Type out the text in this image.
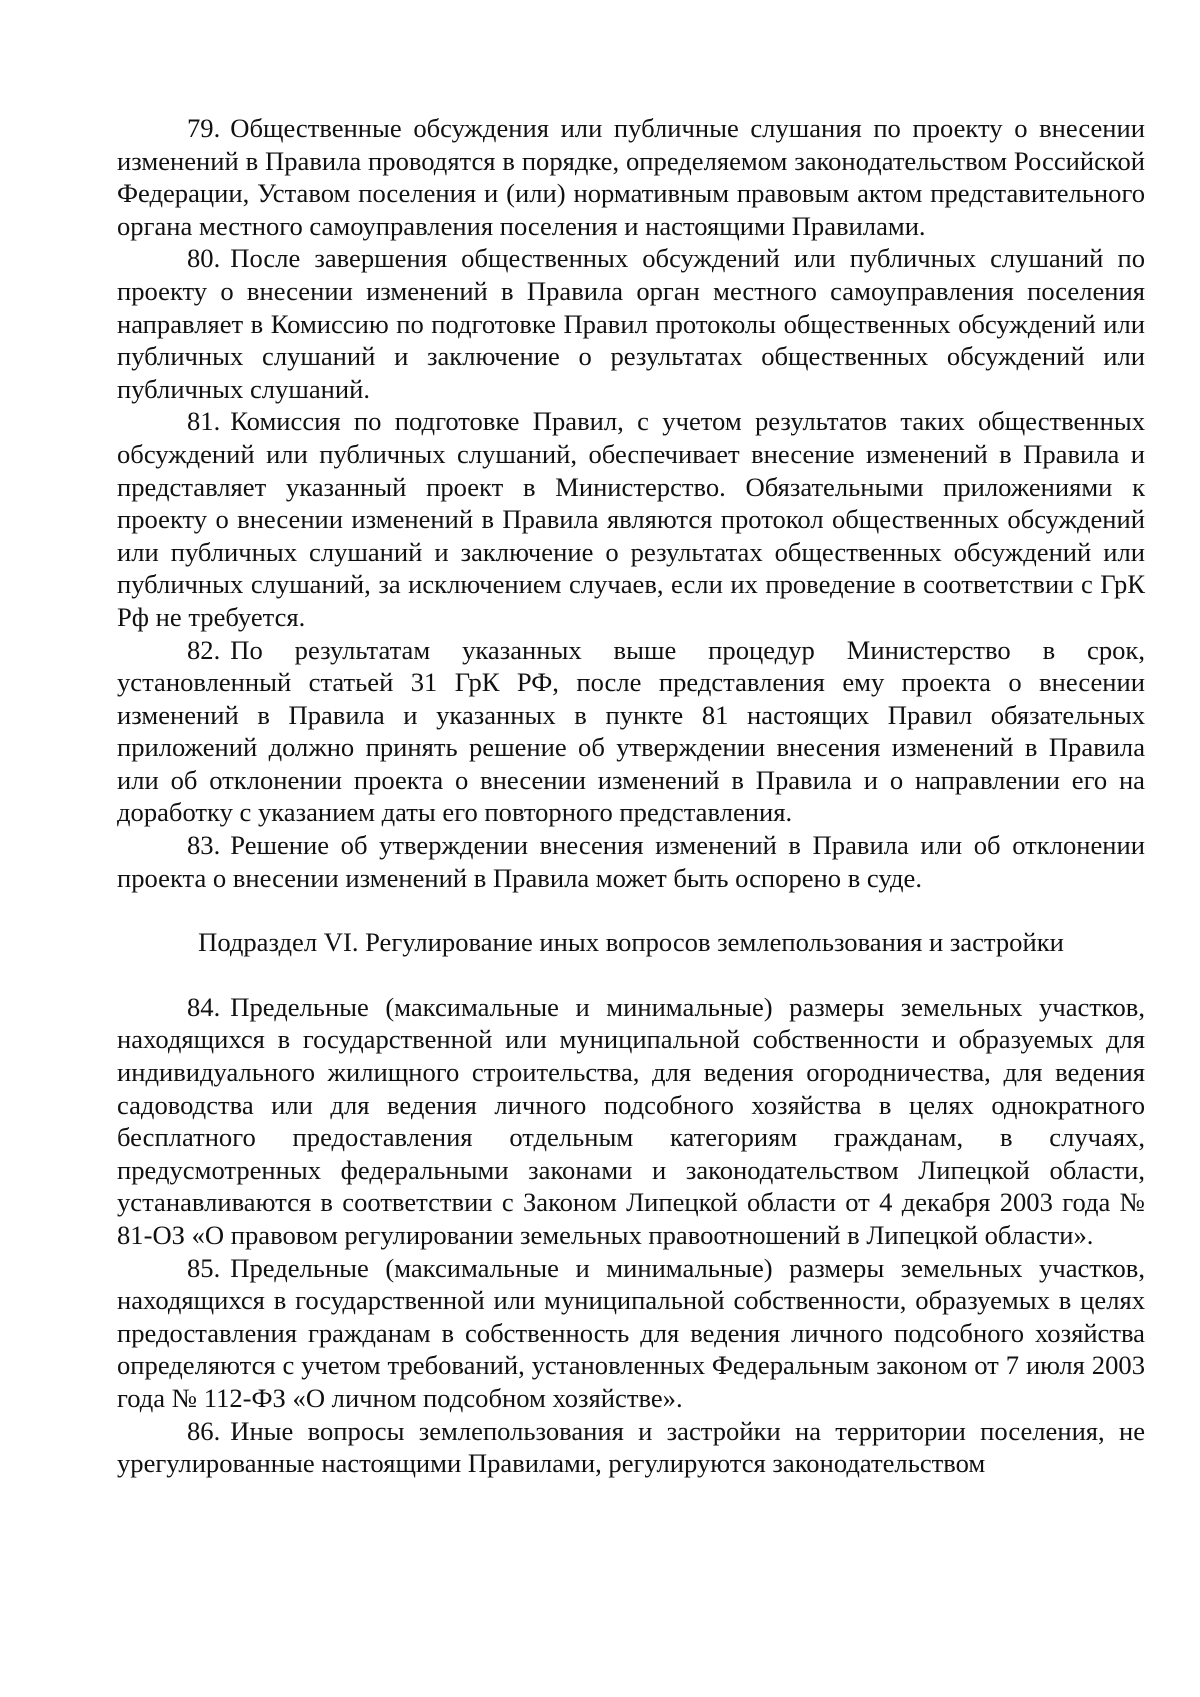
79. Общественные обсуждения или публичные слушания по проекту о внесении изменений в Правила проводятся в порядке, определяемом законодательством Российской Федерации, Уставом поселения и (или) нормативным правовым актом представительного органа местного самоуправления поселения и настоящими Правилами.

80. После завершения общественных обсуждений или публичных слушаний по проекту о внесении изменений в Правила орган местного самоуправления поселения направляет в Комиссию по подготовке Правил протоколы общественных обсуждений или публичных слушаний и заключение о результатах общественных обсуждений или публичных слушаний.

81. Комиссия по подготовке Правил, с учетом результатов таких общественных обсуждений или публичных слушаний, обеспечивает внесение изменений в Правила и представляет указанный проект в Министерство. Обязательными приложениями к проекту о внесении изменений в Правила являются протокол общественных обсуждений или публичных слушаний и заключение о результатах общественных обсуждений или публичных слушаний, за исключением случаев, если их проведение в соответствии с ГрК Рф не требуется.

82. По результатам указанных выше процедур Министерство в срок, установленный статьей 31 ГрК РФ, после представления ему проекта о внесении изменений в Правила и указанных в пункте 81 настоящих Правил обязательных приложений должно принять решение об утверждении внесения изменений в Правила или об отклонении проекта о внесении изменений в Правила и о направлении его на доработку с указанием даты его повторного представления.

83. Решение об утверждении внесения изменений в Правила или об отклонении проекта о внесении изменений в Правила может быть оспорено в суде.

Подраздел VI. Регулирование иных вопросов землепользования и застройки

84. Предельные (максимальные и минимальные) размеры земельных участков, находящихся в государственной или муниципальной собственности и образуемых для индивидуального жилищного строительства, для ведения огородничества, для ведения садоводства или для ведения личного подсобного хозяйства в целях однократного бесплатного предоставления отдельным категориям гражданам, в случаях, предусмотренных федеральными законами и законодательством Липецкой области, устанавливаются в соответствии с Законом Липецкой области от 4 декабря 2003 года № 81-ОЗ «О правовом регулировании земельных правоотношений в Липецкой области».

85. Предельные (максимальные и минимальные) размеры земельных участков, находящихся в государственной или муниципальной собственности, образуемых в целях предоставления гражданам в собственность для ведения личного подсобного хозяйства определяются с учетом требований, установленных Федеральным законом от 7 июля 2003 года № 112-ФЗ «О личном подсобном хозяйстве».

86. Иные вопросы землепользования и застройки на территории поселения, не урегулированные настоящими Правилами, регулируются законодательством
